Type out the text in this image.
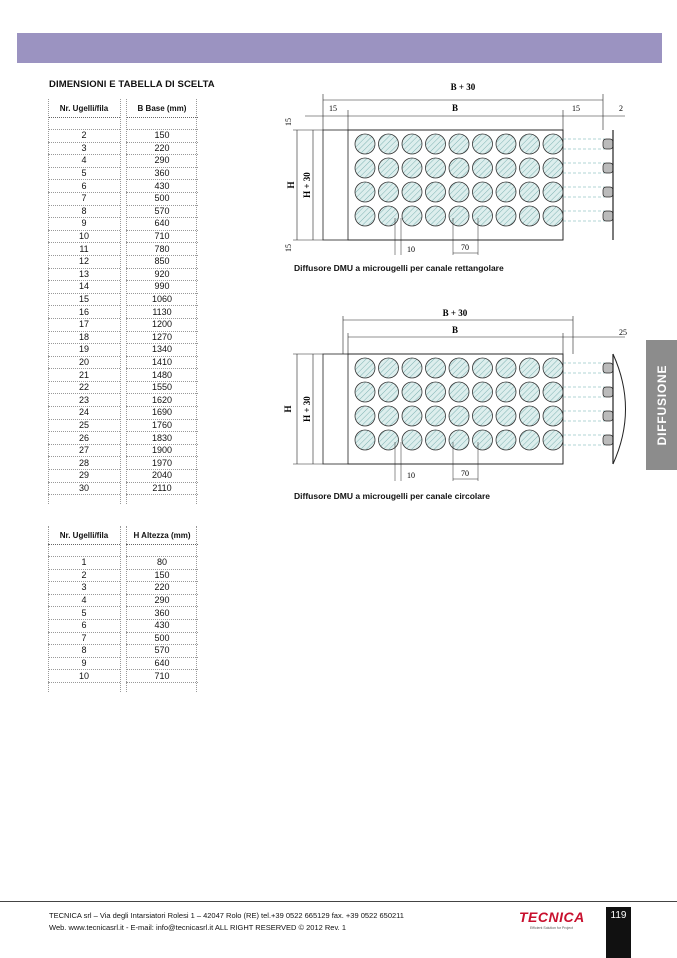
DIMENSIONI E TABELLA DI SCELTA
Nr. Ugelli/fila		B Base (mm)

2		150
3		220
4		290
5		360
6		430
7		500
8		570
9		640
10		710
11		780
12		850
13		920
14		990
15		1060
16		1130
17		1200
18		1270
19		1340
20		1410
21		1480
22		1550
23		1620
24		1690
25		1760
26		1830
27		1900
28		1970
29		2040
30		2110

Nr. Ugelli/fila		H Altezza (mm)

1		80
2		150
3		220
4		290
5		360
6		430
7		500
8		570
9		640
10		710

B + 30
B
15	15	2
15
15
H H + 30
10	70
Diffusore DMU a microugelli per canale rettangolare
B + 30
B	25
H H + 30
10	70
Diffusore DMU a microugelli per canale circolare
DIFFUSIONE
TECNICA srl – Via degli Intarsiatori Rolesi 1 – 42047 Rolo (RE) tel.+39 0522 665129 fax. +39 0522 650211
Web. www.tecnicasrl.it - E-mail: info@tecnicasrl.it ALL RIGHT RESERVED © 2012 Rev. 1
TECNICA
Efficient Solution for Project
119
